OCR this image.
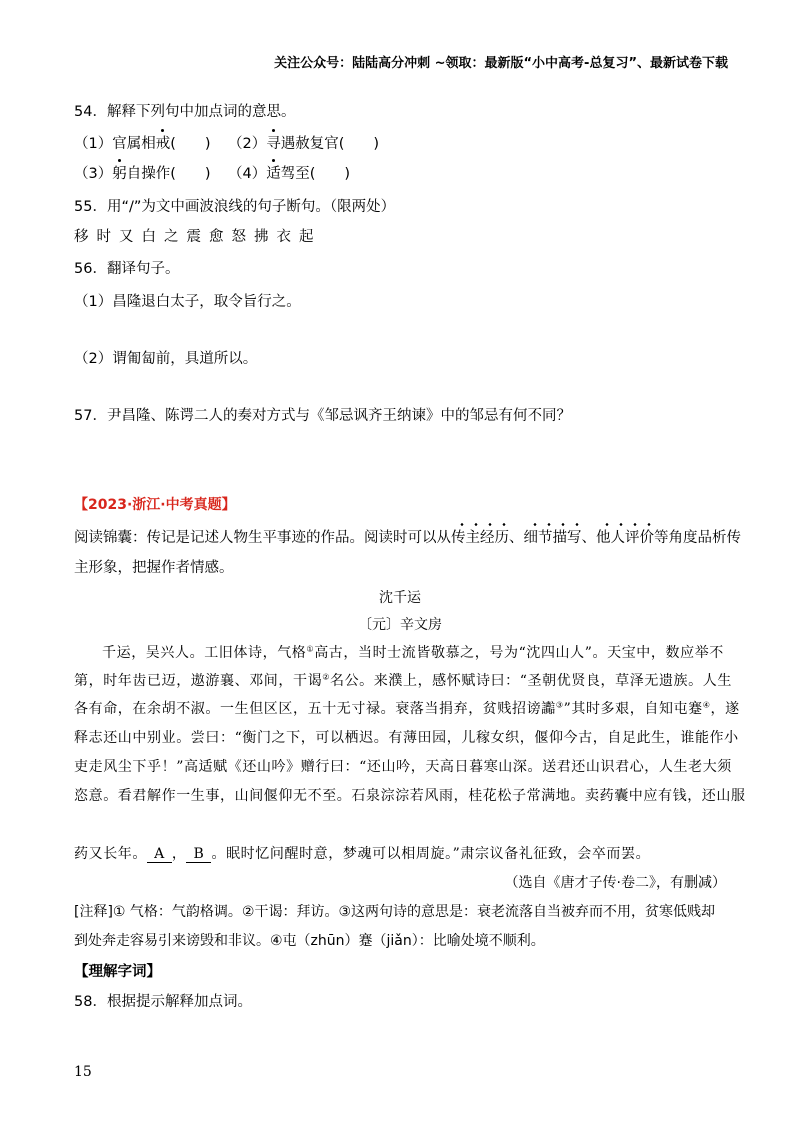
关注公众号：陆陆高分冲刺 ~领取：最新版“小中高考-总复习”、最新试卷下载
54．解释下列句中加点词的意思。
（1）官属相戒(　　) （2）寻遇赦复官(　　)
（3）躬自操作(　　) （4）适驾至(　　)
55．用“/”为文中画波浪线的句子断句。（限两处）
移时又白之震愈怒拂衣起
56．翻译句子。
（1）昌隆退白太子，取令旨行之。
（2）谓匍匐前，具道所以。
57．尹昌隆、陈谔二人的奏对方式与《邹忌讽齐王纳谏》中的邹忌有何不同？
【2023·浙江·中考真题】
阅读锦囊：传记是记述人物生平事迹的作品。阅读时可以从传主经历、细节描写、他人评价等角度品析传
主形象，把握作者情感。
沈千运
〔元〕辛文房
千运，吴兴人。工旧体诗，气格①高古，当时士流皆敬慕之，号为“沈四山人”。天宝中，数应举不
第，时年齿已迈，遨游襄、邓间，干谒②名公。来濮上，感怀赋诗曰：“圣朝优贤良，草泽无遗族。人生
各有命，在余胡不淑。一生但区区，五十无寸禄。衰落当捐弃，贫贱招谤讟③”其时多艰，自知屯蹇④，遂
释志还山中别业。尝曰：“衡门之下，可以栖迟。有薄田园，儿稼女织，偃仰今古，自足此生，谁能作小
吏走风尘下乎！”高适赋《还山吟》赠行曰：“还山吟，天高日暮寒山深。送君还山识君心，人生老大须
恣意。看君解作一生事，山间偃仰无不至。石泉淙淙若风雨，桂花松子常满地。卖药囊中应有钱，还山服
药又长年。 A ， B 。眠时忆问醒时意，梦魂可以相周旋。”肃宗议备礼征致，会卒而罢。
（选自《唐才子传·卷二》，有删减）
[注释]① 气格：气韵格调。②干谒：拜访。③这两句诗的意思是：衰老流落自当被弃而不用，贫寒低贱却
到处奔走容易引来谤毁和非议。④屯（zhūn）蹇（jiǎn）：比喻处境不顺利。
【理解字词】
58．根据提示解释加点词。
15
